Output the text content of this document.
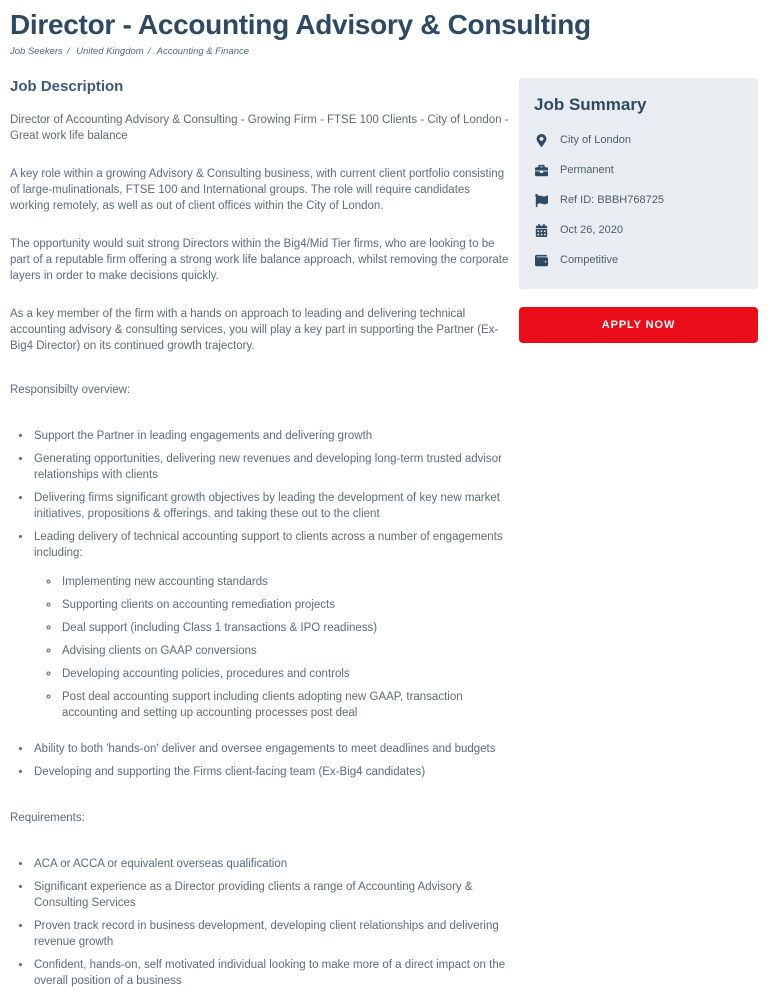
Director - Accounting Advisory & Consulting
Job Seekers / United Kingdom / Accounting & Finance
Job Description

Director of Accounting Advisory & Consulting - Growing Firm - FTSE 100 Clients - City of London - Great work life balance

A key role within a growing Advisory & Consulting business, with current client portfolio consisting of large-mulinationals, FTSE 100 and International groups. The role will require candidates working remotely, as well as out of client offices within the City of London.

The opportunity would suit strong Directors within the Big4/Mid Tier firms, who are looking to be part of a reputable firm offering a strong work life balance approach, whilst removing the corporate layers in order to make decisions quickly.

As a key member of the firm with a hands on approach to leading and delivering technical accounting advisory & consulting services, you will play a key part in supporting the Partner (Ex-Big4 Director) on its continued growth trajectory.

Responsibilty overview:

• Support the Partner in leading engagements and delivering growth
• Generating opportunities, delivering new revenues and developing long-term trusted advisor relationships with clients
• Delivering firms significant growth objectives by leading the development of key new market initiatives, propositions & offerings. and taking these out to the client
• Leading delivery of technical accounting support to clients across a number of engagements including:
◦ Implementing new accounting standards
◦ Supporting clients on accounting remediation projects
◦ Deal support (including Class 1 transactions & IPO readiness)
◦ Advising clients on GAAP conversions
◦ Developing accounting policies, procedures and controls
◦ Post deal accounting support including clients adopting new GAAP, transaction accounting and setting up accounting processes post deal
• Ability to both 'hands-on' deliver and oversee engagements to meet deadlines and budgets
• Developing and supporting the Firms client-facing team (Ex-Big4 candidates)

Requirements:

• ACA or ACCA or equivalent overseas qualification
• Significant experience as a Director providing clients a range of Accounting Advisory & Consulting Services
• Proven track record in business development, developing client relationships and delivering revenue growth
• Confident, hands-on, self motivated individual looking to make more of a direct impact on the overall position of a business
Job Summary
City of London
Permanent
Ref ID: BBBH768725
Oct 26, 2020
Competitive
APPLY NOW
